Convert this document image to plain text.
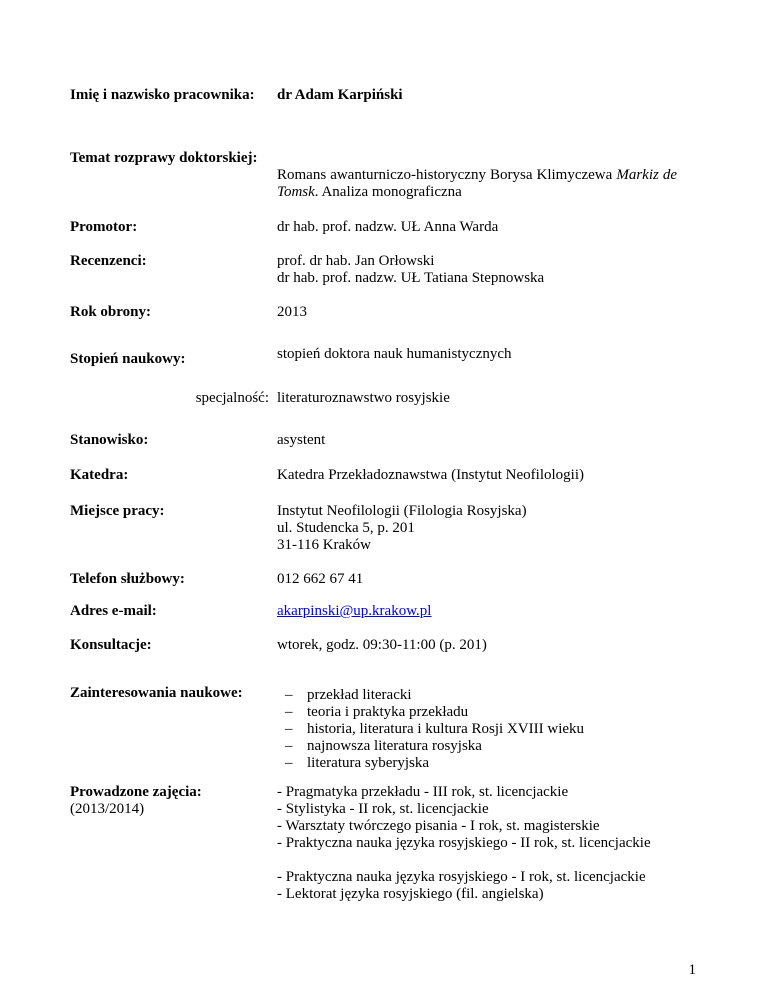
Imię i nazwisko pracownika: dr Adam Karpiński
Temat rozprawy doktorskiej:
Romans awanturniczo-historyczny Borysa Klimyczewa Markiz de Tomsk. Analiza monograficzna
Promotor:	dr hab. prof. nadzw. UŁ Anna Warda
Recenzenci:	prof. dr hab. Jan Orłowski
dr hab. prof. nadzw. UŁ Tatiana Stepnowska
Rok obrony:	2013
Stopień naukowy:	stopień doktora nauk humanistycznych
specjalność: literaturoznawstwo rosyjskie
Stanowisko:	asystent
Katedra:	Katedra Przekładoznawstwa (Instytut Neofilologii)
Miejsce pracy:	Instytut Neofilologii (Filologia Rosyjska)
ul. Studencka 5, p. 201
31-116 Kraków
Telefon służbowy:	012 662 67 41
Adres e-mail:	akarpinski@up.krakow.pl
Konsultacje:	wtorek, godz. 09:30-11:00 (p. 201)
Zainteresowania naukowe:	– przekład literacki
– teoria i praktyka przekładu
– historia, literatura i kultura Rosji XVIII wieku
– najnowsza literatura rosyjska
– literatura syberyjska
Prowadzone zajęcia:
(2013/2014)
- Pragmatyka przekładu - III rok, st. licencjackie
- Stylistyka - II rok, st. licencjackie
- Warsztaty twórczego pisania - I rok, st. magisterskie
- Praktyczna nauka języka rosyjskiego - II rok, st. licencjackie
- Praktyczna nauka języka rosyjskiego - I rok, st. licencjackie
- Lektorat języka rosyjskiego (fil. angielska)
1
